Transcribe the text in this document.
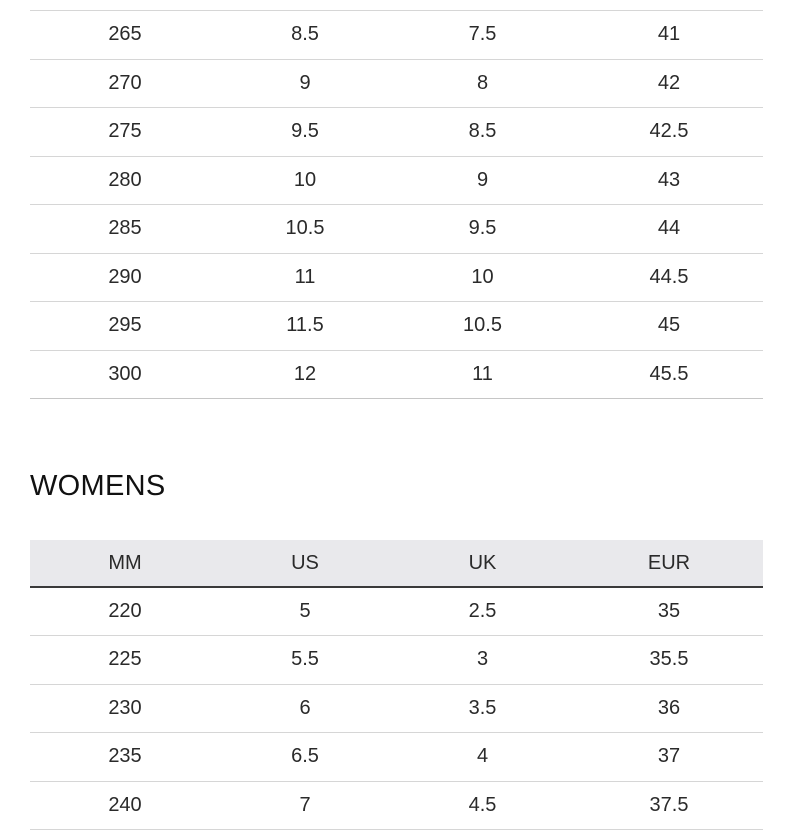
265	8.5	7.5	41
270	9	8	42
275	9.5	8.5	42.5
280	10	9	43
285	10.5	9.5	44
290	11	10	44.5
295	11.5	10.5	45
300	12	11	45.5
WOMENS
MM	US	UK	EUR
220	5	2.5	35
225	5.5	3	35.5
230	6	3.5	36
235	6.5	4	37
240	7	4.5	37.5
